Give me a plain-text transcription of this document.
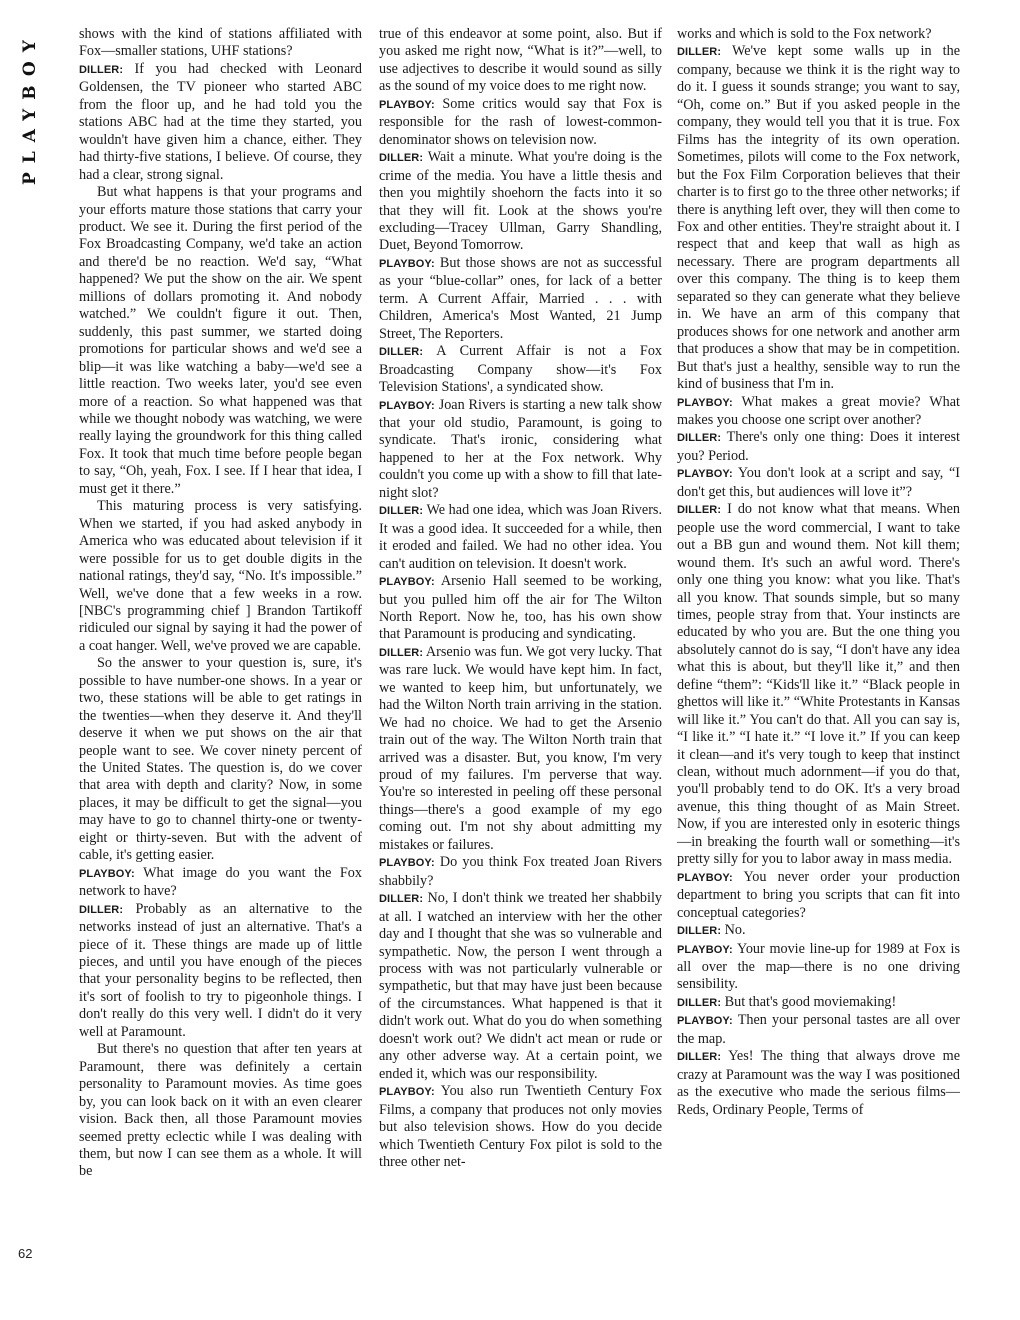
PLAYBOY
62

shows with the kind of stations affiliated with Fox—smaller stations, UHF stations?

DILLER: If you had checked with Leonard Goldensen, the TV pioneer who started ABC from the floor up, and he had told you the stations ABC had at the time they started, you wouldn't have given him a chance, either. They had thirty-five stations, I believe. Of course, they had a clear, strong signal.

But what happens is that your programs and your efforts mature those stations that carry your product. We see it. During the first period of the Fox Broadcasting Company, we'd take an action and there'd be no reaction. We'd say, “What happened? We put the show on the air. We spent millions of dollars promoting it. And nobody watched.” We couldn't figure it out. Then, suddenly, this past summer, we started doing promotions for particular shows and we'd see a blip—it was like watching a baby—we'd see a little reaction. Two weeks later, you'd see even more of a reaction. So what happened was that while we thought nobody was watching, we were really laying the groundwork for this thing called Fox. It took that much time before people began to say, “Oh, yeah, Fox. I see. If I hear that idea, I must get it there.”

This maturing process is very satisfying. When we started, if you had asked anybody in America who was educated about television if it were possible for us to get double digits in the national ratings, they'd say, “No. It's impossible.” Well, we've done that a few weeks in a row. [NBC's programming chief ] Brandon Tartikoff ridiculed our signal by saying it had the power of a coat hanger. Well, we've proved we are capable.

So the answer to your question is, sure, it's possible to have number-one shows. In a year or two, these stations will be able to get ratings in the twenties—when they deserve it. And they'll deserve it when we put shows on the air that people want to see. We cover ninety percent of the United States. The question is, do we cover that area with depth and clarity? Now, in some places, it may be difficult to get the signal—you may have to go to channel thirty-one or twenty-eight or thirty-seven. But with the advent of cable, it's getting easier.

PLAYBOY: What image do you want the Fox network to have?

DILLER: Probably as an alternative to the networks instead of just an alternative. That's a piece of it. These things are made up of little pieces, and until you have enough of the pieces that your personality begins to be reflected, then it's sort of foolish to try to pigeonhole things. I don't really do this very well. I didn't do it very well at Paramount.

But there's no question that after ten years at Paramount, there was definitely a certain personality to Paramount movies. As time goes by, you can look back on it with an even clearer vision. Back then, all those Paramount movies seemed pretty eclectic while I was dealing with them, but now I can see them as a whole. It will be

true of this endeavor at some point, also. But if you asked me right now, “What is it?”—well, to use adjectives to describe it would sound as silly as the sound of my voice does to me right now.

PLAYBOY: Some critics would say that Fox is responsible for the rash of lowest-common-denominator shows on television now.

DILLER: Wait a minute. What you're doing is the crime of the media. You have a little thesis and then you mightily shoehorn the facts into it so that they will fit. Look at the shows you're excluding—Tracey Ullman, Garry Shandling, Duet, Beyond Tomorrow.

PLAYBOY: But those shows are not as successful as your “blue-collar” ones, for lack of a better term. A Current Affair, Married . . . with Children, America's Most Wanted, 21 Jump Street, The Reporters.

DILLER: A Current Affair is not a Fox Broadcasting Company show—it's Fox Television Stations', a syndicated show.

PLAYBOY: Joan Rivers is starting a new talk show that your old studio, Paramount, is going to syndicate. That's ironic, considering what happened to her at the Fox network. Why couldn't you come up with a show to fill that late-night slot?

DILLER: We had one idea, which was Joan Rivers. It was a good idea. It succeeded for a while, then it eroded and failed. We had no other idea. You can't audition on television. It doesn't work.

PLAYBOY: Arsenio Hall seemed to be working, but you pulled him off the air for The Wilton North Report. Now he, too, has his own show that Paramount is producing and syndicating.

DILLER: Arsenio was fun. We got very lucky. That was rare luck. We would have kept him. In fact, we wanted to keep him, but unfortunately, we had the Wilton North train arriving in the station. We had no choice. We had to get the Arsenio train out of the way. The Wilton North train that arrived was a disaster. But, you know, I'm very proud of my failures. I'm perverse that way. You're so interested in peeling off these personal things—there's a good example of my ego coming out. I'm not shy about admitting my mistakes or failures.

PLAYBOY: Do you think Fox treated Joan Rivers shabbily?

DILLER: No, I don't think we treated her shabbily at all. I watched an interview with her the other day and I thought that she was so vulnerable and sympathetic. Now, the person I went through a process with was not particularly vulnerable or sympathetic, but that may have just been because of the circumstances. What happened is that it didn't work out. What do you do when something doesn't work out? We didn't act mean or rude or any other adverse way. At a certain point, we ended it, which was our responsibility.

PLAYBOY: You also run Twentieth Century Fox Films, a company that produces not only movies but also television shows. How do you decide which Twentieth Century Fox pilot is sold to the three other net-

works and which is sold to the Fox network?

DILLER: We've kept some walls up in the company, because we think it is the right way to do it. I guess it sounds strange; you want to say, “Oh, come on.” But if you asked people in the company, they would tell you that it is true. Fox Films has the integrity of its own operation. Sometimes, pilots will come to the Fox network, but the Fox Film Corporation believes that their charter is to first go to the three other networks; if there is anything left over, they will then come to Fox and other entities. They're straight about it. I respect that and keep that wall as high as necessary. There are program departments all over this company. The thing is to keep them separated so they can generate what they believe in. We have an arm of this company that produces shows for one network and another arm that produces a show that may be in competition. But that's just a healthy, sensible way to run the kind of business that I'm in.

PLAYBOY: What makes a great movie? What makes you choose one script over another?

DILLER: There's only one thing: Does it interest you? Period.

PLAYBOY: You don't look at a script and say, “I don't get this, but audiences will love it”?

DILLER: I do not know what that means. When people use the word commercial, I want to take out a BB gun and wound them. Not kill them; wound them. It's such an awful word. There's only one thing you know: what you like. That's all you know. That sounds simple, but so many times, people stray from that. Your instincts are educated by who you are. But the one thing you absolutely cannot do is say, “I don't have any idea what this is about, but they'll like it,” and then define “them”: “Kids'll like it.” “Black people in ghettos will like it.” “White Protestants in Kansas will like it.” You can't do that. All you can say is, “I like it.” “I hate it.” “I love it.” If you can keep it clean—and it's very tough to keep that instinct clean, without much adornment—if you do that, you'll probably tend to do OK. It's a very broad avenue, this thing thought of as Main Street. Now, if you are interested only in esoteric things—in breaking the fourth wall or something—it's pretty silly for you to labor away in mass media.

PLAYBOY: You never order your production department to bring you scripts that can fit into conceptual categories?

DILLER: No.

PLAYBOY: Your movie line-up for 1989 at Fox is all over the map—there is no one driving sensibility.

DILLER: But that's good moviemaking!

PLAYBOY: Then your personal tastes are all over the map.

DILLER: Yes! The thing that always drove me crazy at Paramount was the way I was positioned as the executive who made the serious films—Reds, Ordinary People, Terms of
